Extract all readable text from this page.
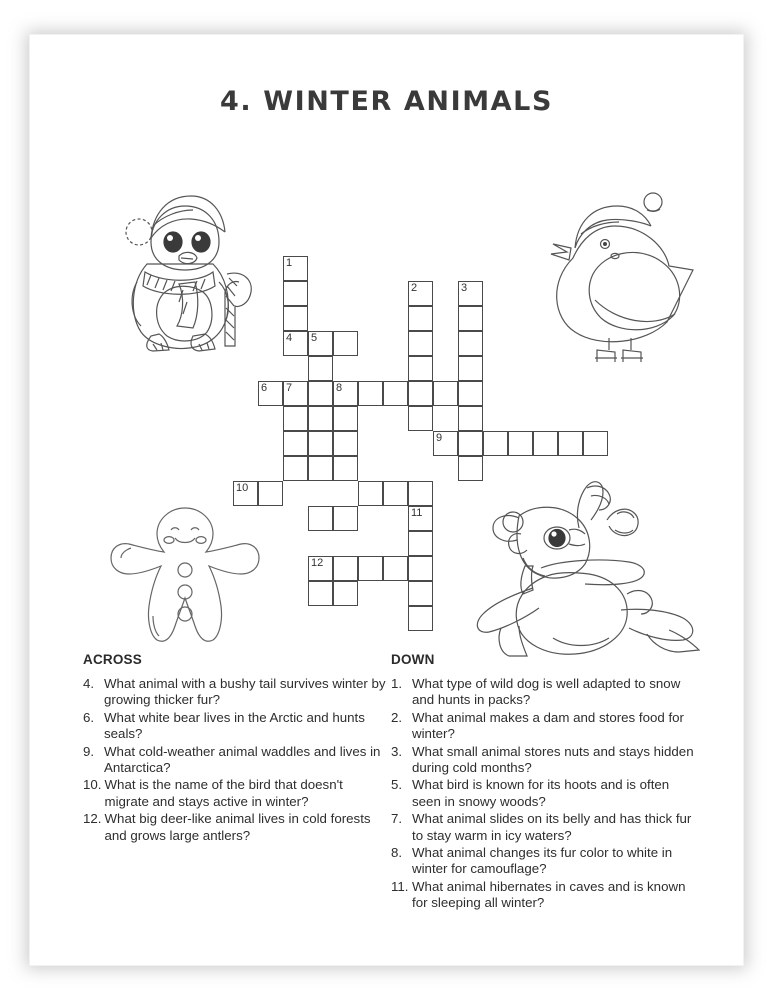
4. WINTER ANIMALS
1
2	3
4 5
6 7	8
9
10
11
12
ACROSS
4. What animal with a bushy tail survives winter by growing thicker fur?
6. What white bear lives in the Arctic and hunts seals?
9. What cold-weather animal waddles and lives in Antarctica?
10. What is the name of the bird that doesn't migrate and stays active in winter?
12. What big deer-like animal lives in cold forests and grows large antlers?
DOWN
1. What type of wild dog is well adapted to snow and hunts in packs?
2. What animal makes a dam and stores food for winter?
3. What small animal stores nuts and stays hidden during cold months?
5. What bird is known for its hoots and is often seen in snowy woods?
7. What animal slides on its belly and has thick fur to stay warm in icy waters?
8. What animal changes its fur color to white in winter for camouflage?
11. What animal hibernates in caves and is known for sleeping all winter?
